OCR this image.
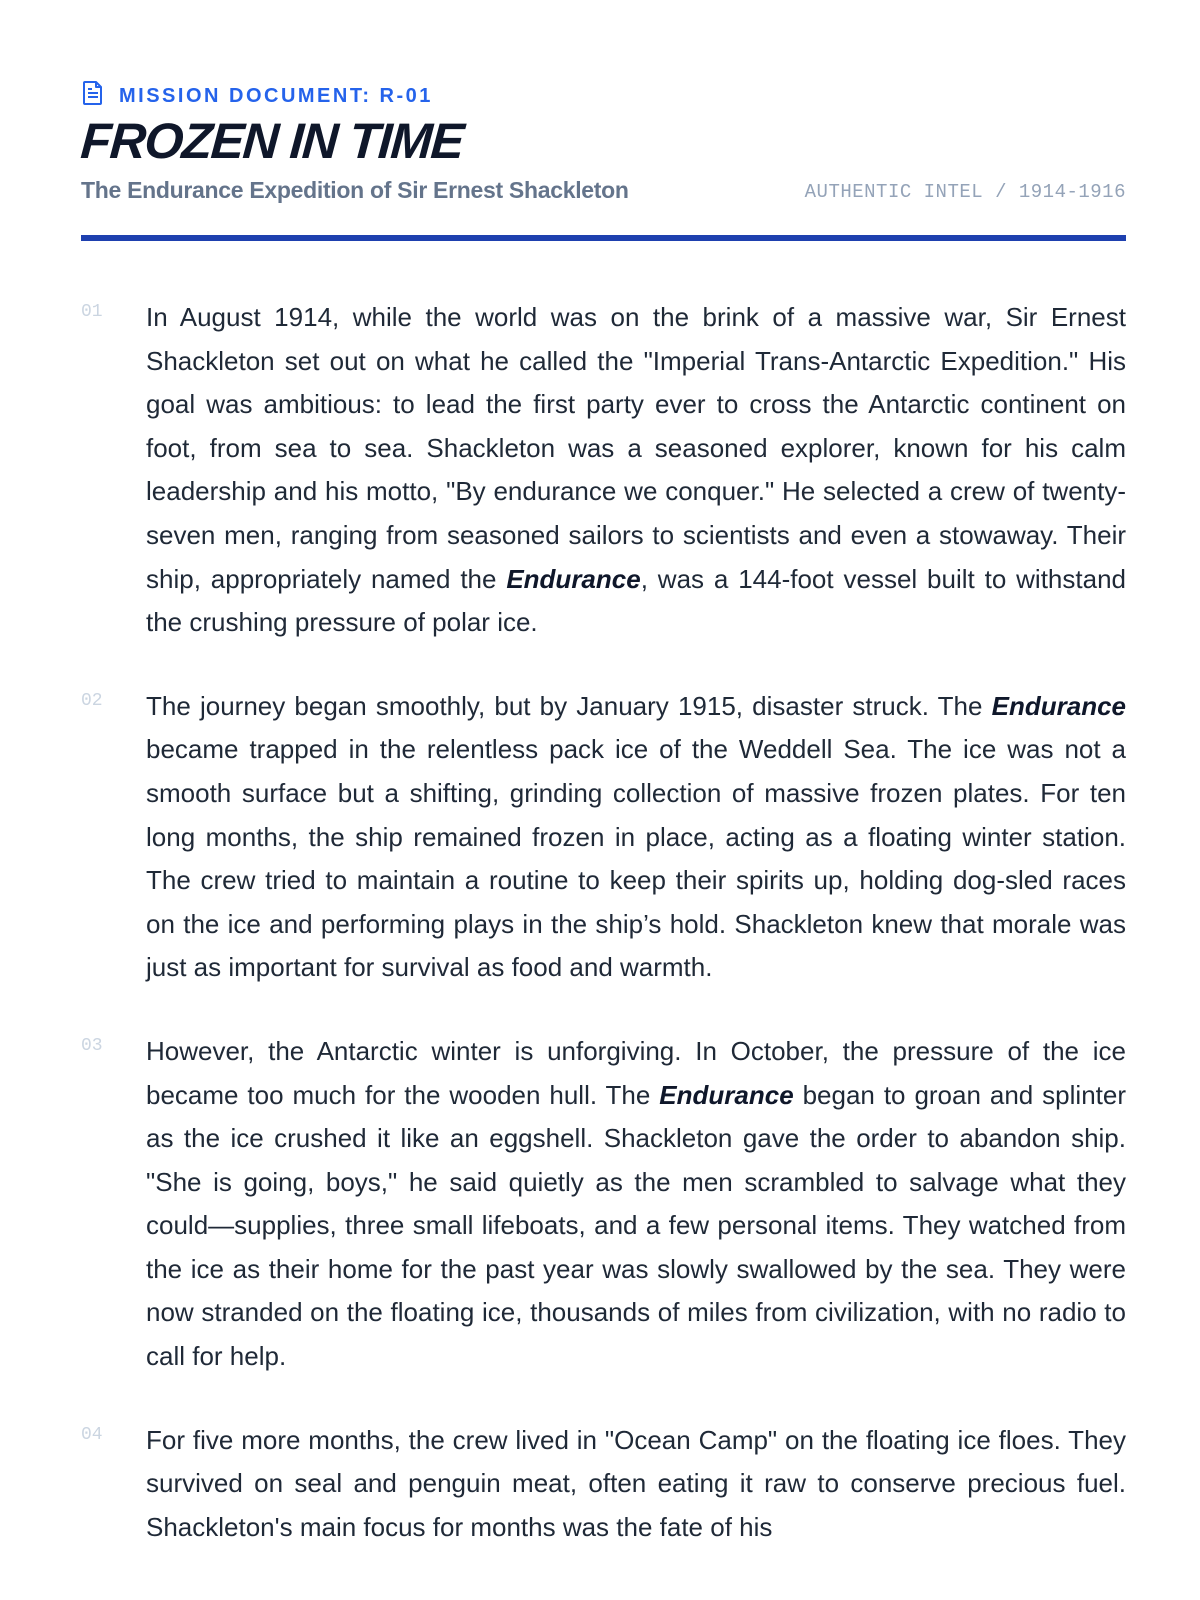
MISSION DOCUMENT: R-01
FROZEN IN TIME
The Endurance Expedition of Sir Ernest Shackleton	AUTHENTIC INTEL / 1914-1916
01	In August 1914, while the world was on the brink of a massive war, Sir Ernest Shackleton set out on what he called the "Imperial Trans-Antarctic Expedition." His goal was ambitious: to lead the first party ever to cross the Antarctic continent on foot, from sea to sea. Shackleton was a seasoned explorer, known for his calm leadership and his motto, "By endurance we conquer." He selected a crew of twenty-seven men, ranging from seasoned sailors to scientists and even a stowaway. Their ship, appropriately named the Endurance, was a 144-foot vessel built to withstand the crushing pressure of polar ice.
02	The journey began smoothly, but by January 1915, disaster struck. The Endurance became trapped in the relentless pack ice of the Weddell Sea. The ice was not a smooth surface but a shifting, grinding collection of massive frozen plates. For ten long months, the ship remained frozen in place, acting as a floating winter station. The crew tried to maintain a routine to keep their spirits up, holding dog-sled races on the ice and performing plays in the ship’s hold. Shackleton knew that morale was just as important for survival as food and warmth.
03	However, the Antarctic winter is unforgiving. In October, the pressure of the ice became too much for the wooden hull. The Endurance began to groan and splinter as the ice crushed it like an eggshell. Shackleton gave the order to abandon ship. "She is going, boys," he said quietly as the men scrambled to salvage what they could—supplies, three small lifeboats, and a few personal items. They watched from the ice as their home for the past year was slowly swallowed by the sea. They were now stranded on the floating ice, thousands of miles from civilization, with no radio to call for help.
04	For five more months, the crew lived in "Ocean Camp" on the floating ice floes. They survived on seal and penguin meat, often eating it raw to conserve precious fuel. Shackleton's main focus for months was the fate of his
